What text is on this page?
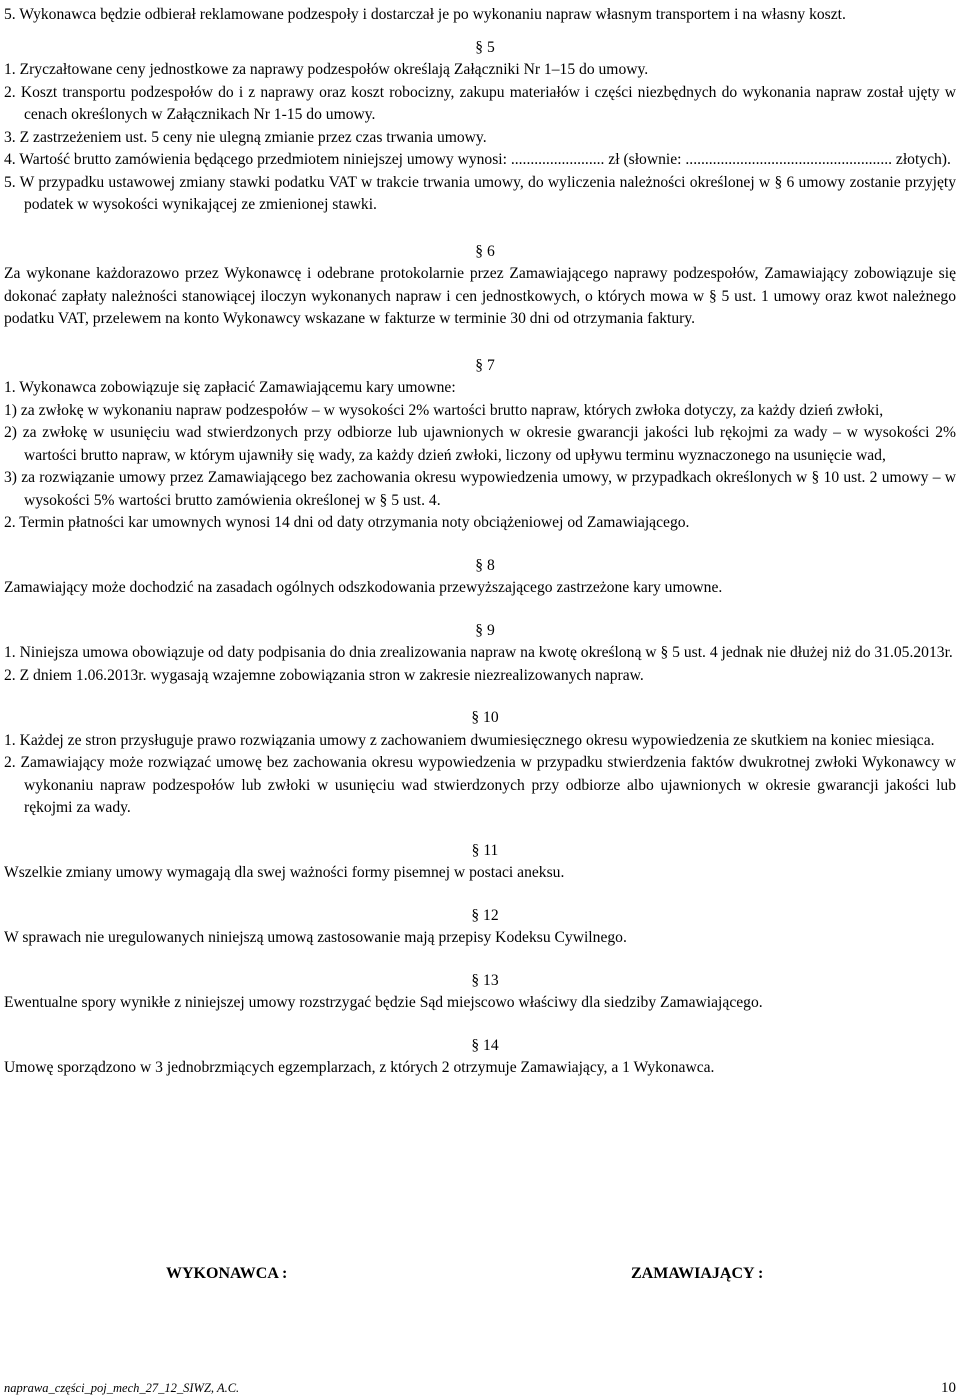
5. Wykonawca będzie odbierał reklamowane podzespoły i dostarczał je po wykonaniu napraw własnym transportem i na własny koszt.

§ 5

1. Zryczałtowane ceny jednostkowe za naprawy podzespołów określają Załączniki Nr 1–15 do umowy.

2. Koszt transportu podzespołów do i z naprawy oraz koszt robocizny, zakupu materiałów i części niezbędnych do wykonania napraw został ujęty w cenach określonych w Załącznikach Nr 1-15 do umowy.

3. Z zastrzeżeniem ust. 5 ceny nie ulegną zmianie przez czas trwania umowy.

4. Wartość brutto zamówienia będącego przedmiotem niniejszej umowy wynosi: ........................ zł (słownie: ..................................................... złotych).

5. W przypadku ustawowej zmiany stawki podatku VAT w trakcie trwania umowy, do wyliczenia należności określonej w § 6 umowy zostanie przyjęty podatek w wysokości wynikającej ze zmienionej stawki.

§ 6

Za wykonane każdorazowo przez Wykonawcę i odebrane protokolarnie przez Zamawiającego naprawy podzespołów, Zamawiający zobowiązuje się dokonać zapłaty należności stanowiącej iloczyn wykonanych napraw i cen jednostkowych, o których mowa w § 5 ust. 1 umowy oraz kwot należnego podatku VAT, przelewem na konto Wykonawcy wskazane w fakturze w terminie 30 dni od otrzymania faktury.

§ 7

1. Wykonawca zobowiązuje się zapłacić Zamawiającemu kary umowne:

1) za zwłokę w wykonaniu napraw podzespołów – w wysokości 2% wartości brutto napraw, których zwłoka dotyczy, za każdy dzień zwłoki,

2) za zwłokę w usunięciu wad stwierdzonych przy odbiorze lub ujawnionych w okresie gwarancji jakości lub rękojmi za wady – w wysokości 2% wartości brutto napraw, w którym ujawniły się wady, za każdy dzień zwłoki, liczony od upływu terminu wyznaczonego na usunięcie wad,

3) za rozwiązanie umowy przez Zamawiającego bez zachowania okresu wypowiedzenia umowy, w przypadkach określonych w § 10 ust. 2 umowy – w wysokości 5% wartości brutto zamówienia określonej w § 5 ust. 4.

2. Termin płatności kar umownych wynosi 14 dni od daty otrzymania noty obciążeniowej od Zamawiającego.

§ 8

Zamawiający może dochodzić na zasadach ogólnych odszkodowania przewyższającego zastrzeżone kary umowne.

§ 9

1. Niniejsza umowa obowiązuje od daty podpisania do dnia zrealizowania napraw na kwotę określoną w § 5 ust. 4 jednak nie dłużej niż do 31.05.2013r.

2. Z dniem 1.06.2013r. wygasają wzajemne zobowiązania stron w zakresie niezrealizowanych napraw.

§ 10

1. Każdej ze stron przysługuje prawo rozwiązania umowy z zachowaniem dwumiesięcznego okresu wypowiedzenia ze skutkiem na koniec miesiąca.

2. Zamawiający może rozwiązać umowę bez zachowania okresu wypowiedzenia w przypadku stwierdzenia faktów dwukrotnej zwłoki Wykonawcy w wykonaniu napraw podzespołów lub zwłoki w usunięciu wad stwierdzonych przy odbiorze albo ujawnionych w okresie gwarancji jakości lub rękojmi za wady.

§ 11

Wszelkie zmiany umowy wymagają dla swej ważności formy pisemnej w postaci aneksu.

§ 12

W sprawach nie uregulowanych niniejszą umową zastosowanie mają przepisy Kodeksu Cywilnego.

§ 13

Ewentualne spory wynikłe z niniejszej umowy rozstrzygać będzie Sąd miejscowo właściwy dla siedziby Zamawiającego.

§ 14

Umowę sporządzono w 3 jednobrzmiących egzemplarzach, z których 2 otrzymuje Zamawiający, a 1 Wykonawca.

WYKONAWCA :	ZAMAWIAJĄCY :
naprawa_części_poj_mech_27_12_SIWZ, A.C.	10
